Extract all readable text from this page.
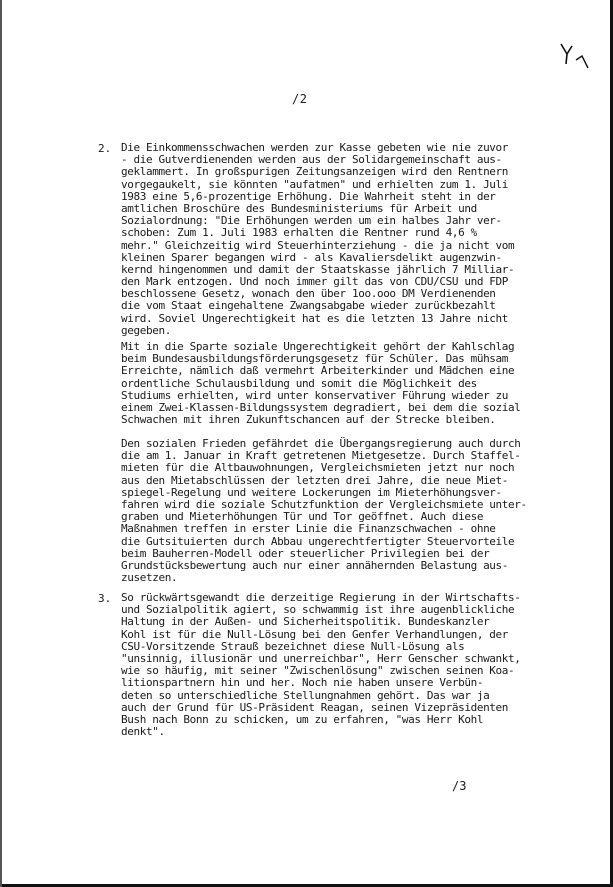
/2
2. Die Einkommensschwachen werden zur Kasse gebeten wie nie zuvor
- die Gutverdienenden werden aus der Solidargemeinschaft aus-
geklammert. In großspurigen Zeitungsanzeigen wird den Rentnern
vorgegaukelt, sie könnten "aufatmen" und erhielten zum 1. Juli
1983 eine 5,6-prozentige Erhöhung. Die Wahrheit steht in der
amtlichen Broschüre des Bundesministeriums für Arbeit und
Sozialordnung: "Die Erhöhungen werden um ein halbes Jahr ver-
schoben: Zum 1. Juli 1983 erhalten die Rentner rund 4,6 %
mehr." Gleichzeitig wird Steuerhinterziehung - die ja nicht vom
kleinen Sparer begangen wird - als Kavaliersdelikt augenzwin-
kernd hingenommen und damit der Staatskasse jährlich 7 Milliar-
den Mark entzogen. Und noch immer gilt das von CDU/CSU und FDP
beschlossene Gesetz, wonach den über 1oo.ooo DM Verdienenden
die vom Staat eingehaltene Zwangsabgabe wieder zurückbezahlt
wird. Soviel Ungerechtigkeit hat es die letzten 13 Jahre nicht
gegeben.
Mit in die Sparte soziale Ungerechtigkeit gehört der Kahlschlag
beim Bundesausbildungsförderungsgesetz für Schüler. Das mühsam
Erreichte, nämlich daß vermehrt Arbeiterkinder und Mädchen eine
ordentliche Schulausbildung und somit die Möglichkeit des
Studiums erhielten, wird unter konservativer Führung wieder zu
einem Zwei-Klassen-Bildungssystem degradiert, bei dem die sozial
Schwachen mit ihren Zukunftschancen auf der Strecke bleiben.
Den sozialen Frieden gefährdet die Übergangsregierung auch durch
die am 1. Januar in Kraft getretenen Mietgesetze. Durch Staffel-
mieten für die Altbauwohnungen, Vergleichsmieten jetzt nur noch
aus den Mietabschlüssen der letzten drei Jahre, die neue Miet-
spiegel-Regelung und weitere Lockerungen im Mieterhöhungsver-
fahren wird die soziale Schutzfunktion der Vergleichsmiete unter-
graben und Mieterhöhungen Tür und Tor geöffnet. Auch diese
Maßnahmen treffen in erster Linie die Finanzschwachen - ohne
die Gutsituierten durch Abbau ungerechtfertigter Steuervorteile
beim Bauherren-Modell oder steuerlicher Privilegien bei der
Grundstücksbewertung auch nur einer annähernden Belastung aus-
zusetzen.
3. So rückwärtsgewandt die derzeitige Regierung in der Wirtschafts-
und Sozialpolitik agiert, so schwammig ist ihre augenblickliche
Haltung in der Außen- und Sicherheitspolitik. Bundeskanzler
Kohl ist für die Null-Lösung bei den Genfer Verhandlungen, der
CSU-Vorsitzende Strauß bezeichnet diese Null-Lösung als
"unsinnig, illusionär und unerreichbar", Herr Genscher schwankt,
wie so häufig, mit seiner "Zwischenlösung" zwischen seinen Koa-
litionspartnern hin und her. Noch nie haben unsere Verbün-
deten so unterschiedliche Stellungnahmen gehört. Das war ja
auch der Grund für US-Präsident Reagan, seinen Vizepräsidenten
Bush nach Bonn zu schicken, um zu erfahren, "was Herr Kohl
denkt".
/3
